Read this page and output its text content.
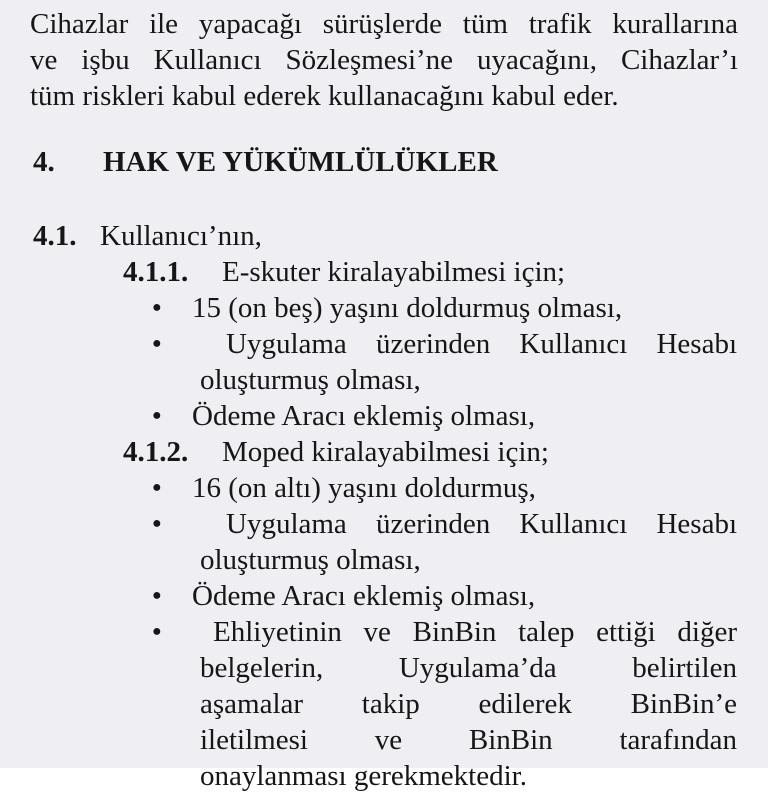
Cihazlar ile yapacağı sürüşlerde tüm trafik kurallarına
ve işbu Kullanıcı Sözleşmesi’ne uyacağını, Cihazlar’ı
tüm riskleri kabul ederek kullanacağını kabul eder.
4. HAK VE YÜKÜMLÜLÜKLER
4.1. Kullanıcı’nın,
4.1.1. E-skuter kiralayabilmesi için;
●	15 (on beş) yaşını doldurmuş olması,
●	Uygulama üzerinden Kullanıcı Hesabı
oluşturmuş olması,
●	Ödeme Aracı eklemiş olması,
4.1.2. Moped kiralayabilmesi için;
●	16 (on altı) yaşını doldurmuş,
●	Uygulama üzerinden Kullanıcı Hesabı
oluşturmuş olması,
●	Ödeme Aracı eklemiş olması,
●	Ehliyetinin ve BinBin talep ettiği diğer
belgelerin, Uygulama’da belirtilen
aşamalar takip edilerek BinBin’e
iletilmesi ve BinBin tarafından
onaylanması gerekmektedir.
